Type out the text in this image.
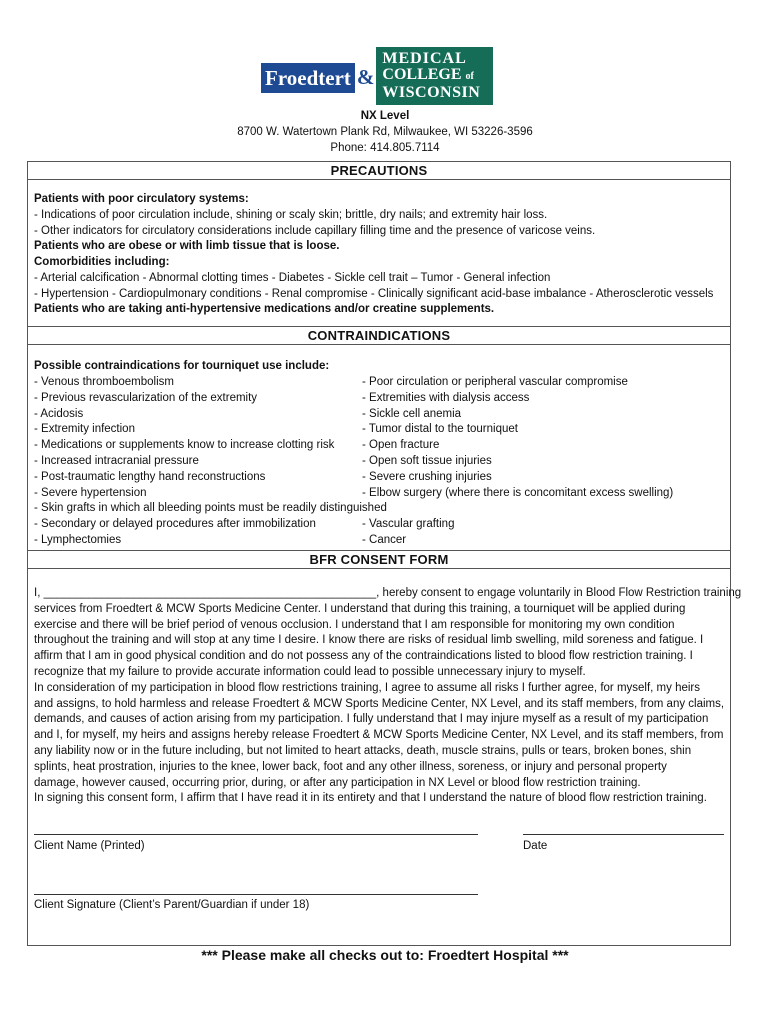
Froedtert &
MEDICAL
COLLEGE of
WISCONSIN
NX Level
8700 W. Watertown Plank Rd, Milwaukee, WI 53226-3596
Phone: 414.805.7114
PRECAUTIONS
Patients with poor circulatory systems:
- Indications of poor circulation include, shining or scaly skin; brittle, dry nails; and extremity hair loss.
- Other indicators for circulatory considerations include capillary filling time and the presence of varicose veins.
Patients who are obese or with limb tissue that is loose.
Comorbidities including:
- Arterial calcification - Abnormal clotting times - Diabetes - Sickle cell trait – Tumor - General infection
- Hypertension - Cardiopulmonary conditions - Renal compromise - Clinically significant acid-base imbalance - Atherosclerotic vessels
Patients who are taking anti-hypertensive medications and/or creatine supplements.
CONTRAINDICATIONS
Possible contraindications for tourniquet use include:
- Venous thromboembolism
- Previous revascularization of the extremity
- Acidosis
- Extremity infection
- Medications or supplements know to increase clotting risk
- Increased intracranial pressure
- Post-traumatic lengthy hand reconstructions
- Severe hypertension
- Skin grafts in which all bleeding points must be readily distinguished
- Secondary or delayed procedures after immobilization
- Lymphectomies
- Poor circulation or peripheral vascular compromise
- Extremities with dialysis access
- Sickle cell anemia
- Tumor distal to the tourniquet
- Open fracture
- Open soft tissue injuries
- Severe crushing injuries
- Elbow surgery (where there is concomitant excess swelling)
- Vascular grafting
- Cancer
BFR CONSENT FORM
I, ____________________________________________________, hereby consent to engage voluntarily in Blood Flow Restriction training
services from Froedtert & MCW Sports Medicine Center. I understand that during this training, a tourniquet will be applied during
exercise and there will be brief period of venous occlusion. I understand that I am responsible for monitoring my own condition
throughout the training and will stop at any time I desire. I know there are risks of residual limb swelling, mild soreness and fatigue. I
affirm that I am in good physical condition and do not possess any of the contraindications listed to blood flow restriction training. I
recognize that my failure to provide accurate information could lead to possible unnecessary injury to myself.
In consideration of my participation in blood flow restrictions training, I agree to assume all risks I further agree, for myself, my heirs
and assigns, to hold harmless and release Froedtert & MCW Sports Medicine Center, NX Level, and its staff members, from any claims,
demands, and causes of action arising from my participation. I fully understand that I may injure myself as a result of my participation
and I, for myself, my heirs and assigns hereby release Froedtert & MCW Sports Medicine Center, NX Level, and its staff members, from
any liability now or in the future including, but not limited to heart attacks, death, muscle strains, pulls or tears, broken bones, shin
splints, heat prostration, injuries to the knee, lower back, foot and any other illness, soreness, or injury and personal property
damage, however caused, occurring prior, during, or after any participation in NX Level or blood flow restriction training.
In signing this consent form, I affirm that I have read it in its entirety and that I understand the nature of blood flow restriction training.
Client Name (Printed)	Date
Client Signature (Client’s Parent/Guardian if under 18)
*** Please make all checks out to: Froedtert Hospital ***
